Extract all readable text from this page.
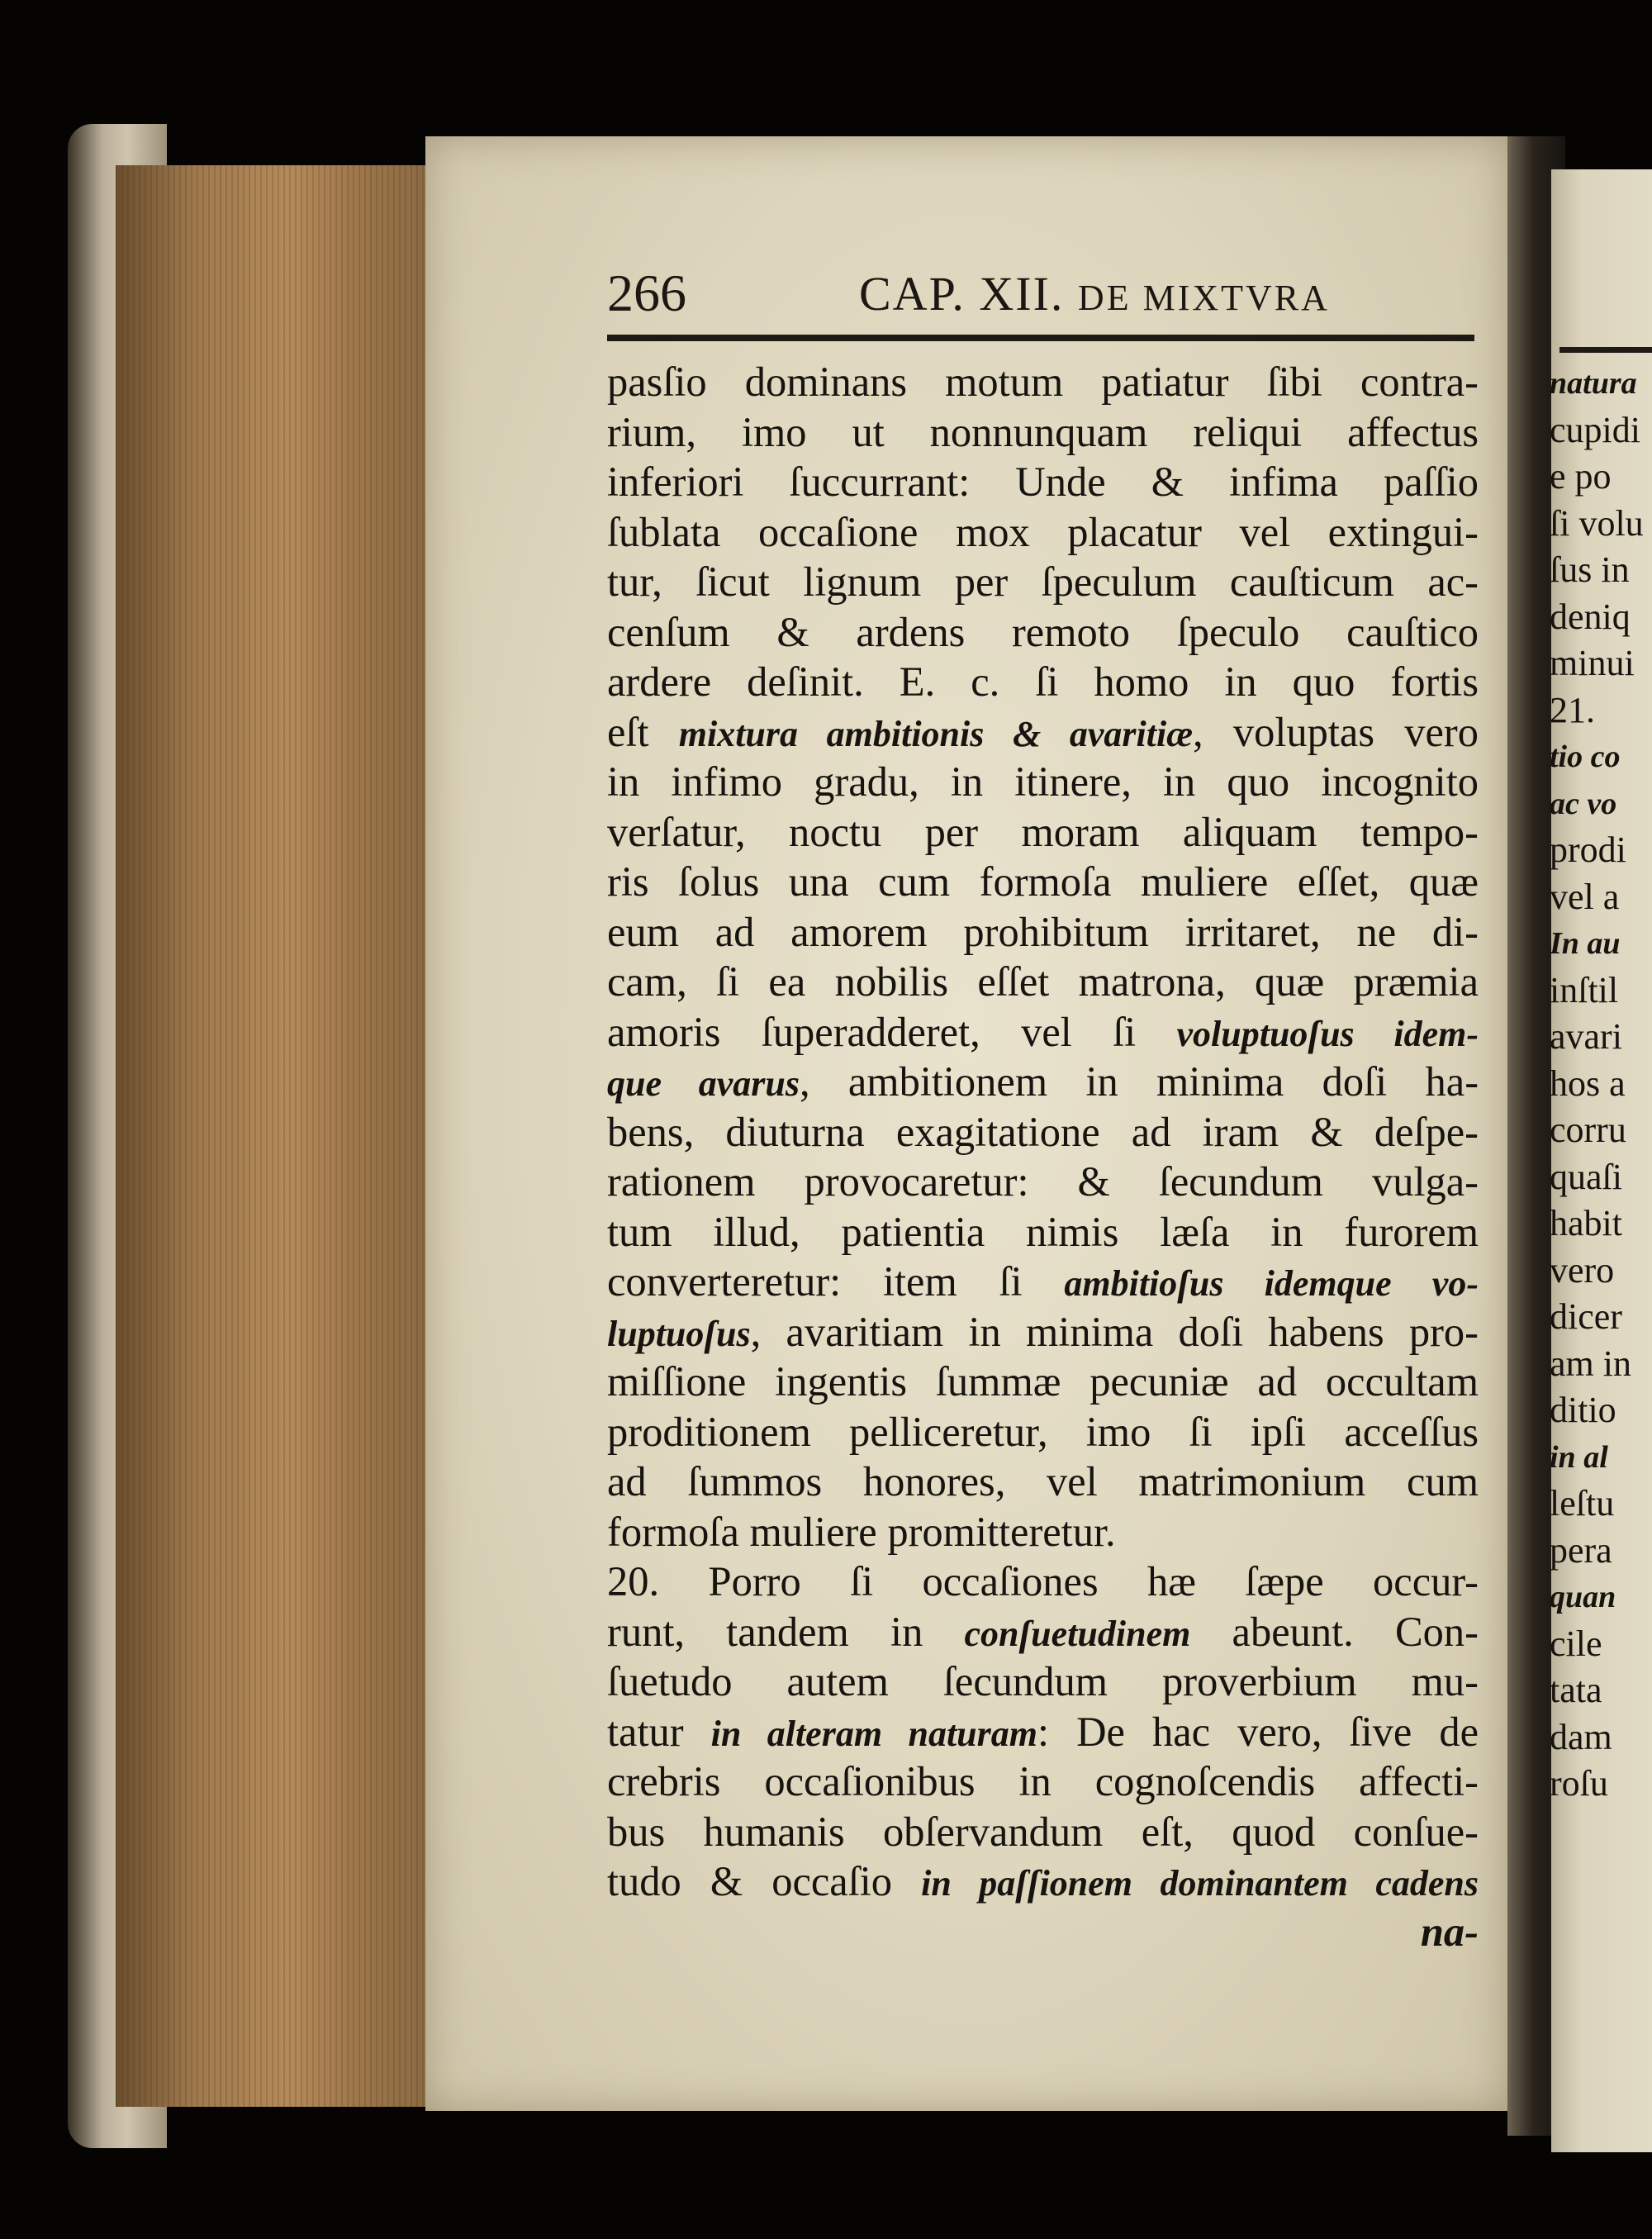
266	CAP. XII. DE MIXTVRA
pasſio dominans motum patiatur ſibi contra-
rium, imo ut nonnunquam reliqui affectus
inferiori ſuccurrant: Unde & infima paſſio
ſublata occaſione mox placatur vel extingui-
tur, ſicut lignum per ſpeculum cauſticum ac-
cenſum & ardens remoto ſpeculo cauſtico
ardere deſinit. E. c. ſi homo in quo fortis
eſt mixtura ambitionis & avaritiæ, voluptas vero
in infimo gradu, in itinere, in quo incognito
verſatur, noctu per moram aliquam tempo-
ris ſolus una cum formoſa muliere eſſet, quæ
eum ad amorem prohibitum irritaret, ne di-
cam, ſi ea nobilis eſſet matrona, quæ præmia
amoris ſuperadderet, vel ſi voluptuoſus idem-
que avarus, ambitionem in minima doſi ha-
bens, diuturna exagitatione ad iram & deſpe-
rationem provocaretur: & ſecundum vulga-
tum illud, patientia nimis læſa in furorem
converteretur: item ſi ambitioſus idemque vo-
luptuoſus, avaritiam in minima doſi habens pro-
miſſione ingentis ſummæ pecuniæ ad occultam
proditionem pelliceretur, imo ſi ipſi acceſſus
ad ſummos honores, vel matrimonium cum
formoſa muliere promitteretur.
20. Porro ſi occaſiones hæ ſæpe occur-
runt, tandem in conſuetudinem abeunt. Con-
ſuetudo autem ſecundum proverbium mu-
tatur in alteram naturam: De hac vero, ſive de
crebris occaſionibus in cognoſcendis affecti-
bus humanis obſervandum eſt, quod conſue-
tudo & occaſio in paſſionem dominantem cadens
na-
natura
cupidi
e po
ſi volu
ſus in
deniq
minui
21.
tio co
ac vo
prodi
vel a
In au
inſtil
avari
hos a
corru
quaſi
habit
vero
dicer
am in
ditio
in al
leſtu
pera
quan
cile
tata
dam
roſu
